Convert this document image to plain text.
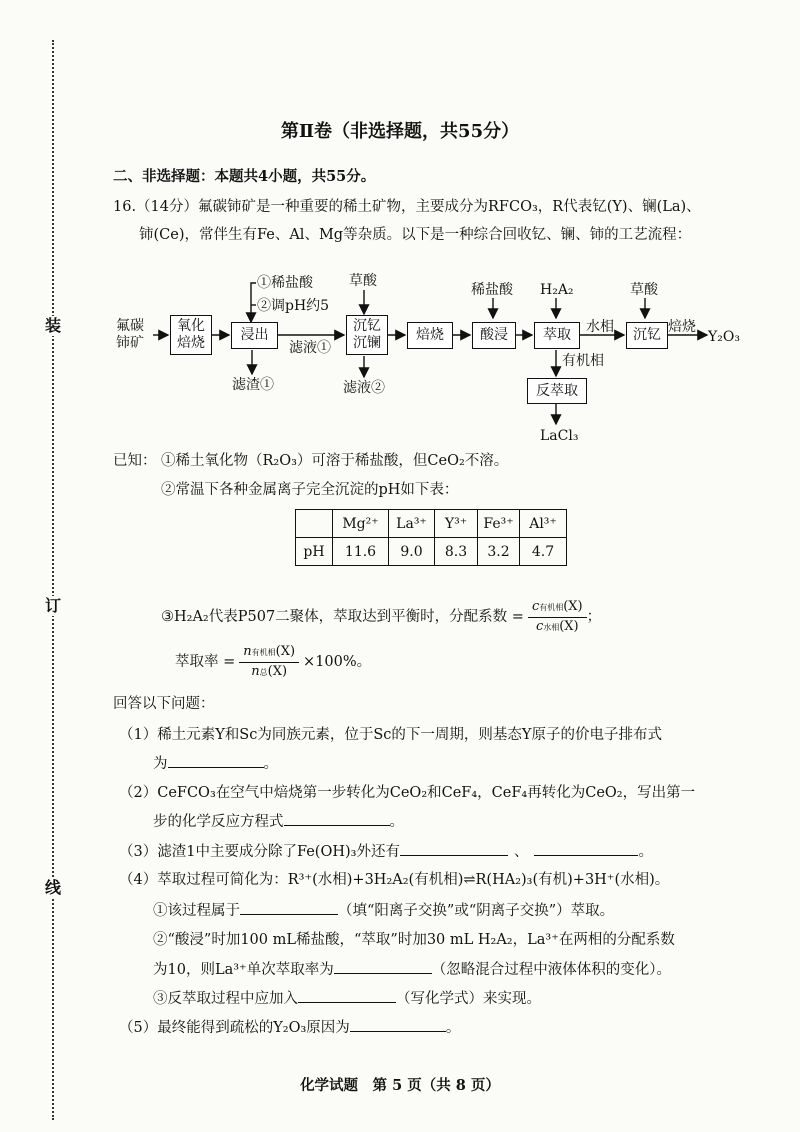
装
订
线
第Ⅱ卷（非选择题，共55分）
二、非选择题：本题共4小题，共55分。
16.（14分）氟碳铈矿是一种重要的稀土矿物，主要成分为RFCO₃，R代表钇(Y)、镧(La)、
铈(Ce)，常伴生有Fe、Al、Mg等杂质。以下是一种综合回收钇、镧、铈的工艺流程：
氟碳
铈矿
氧化
焙烧	浸出
沉钇
沉镧	焙烧	酸浸	萃取	沉钇
反萃取
①稀盐酸
②调pH约5
滤液①
滤渣①
草酸
滤液②
稀盐酸 H₂A₂
水相
有机相
草酸
焙烧
Y₂O₃
LaCl₃
已知： ①稀土氧化物（R₂O₃）可溶于稀盐酸，但CeO₂不溶。
②常温下各种金属离子完全沉淀的pH如下表：
	Mg²⁺	La³⁺	Y³⁺	Fe³⁺	Al³⁺
pH	11.6	9.0	8.3	3.2	4.7
③H₂A₂代表P507二聚体，萃取达到平衡时，分配系数 = $\frac{\text{c有机相(X)}}{\text{c水相(X)}}$ ；
萃取率 = $\frac{\text{n有机相(X)}}{\text{n总(X)}} \times 100\%$。
回答以下问题：
（1）稀土元素Y和Sc为同族元素，位于Sc的下一周期，则基态Y原子的价电子排布式
为	。
（2）CeFCO₃在空气中焙烧第一步转化为CeO₂和CeF₄，CeF₄再转化为CeO₂，写出第一
步的化学反应方程式	。
（3）滤渣1中主要成分除了Fe(OH)₃外还有	、	。
（4）萃取过程可简化为：R³⁺(水相)+3H₂A₂(有机相)⇌R(HA₂)₃(有机)+3H⁺(水相)。
①该过程属于	（填“阳离子交换”或“阴离子交换”）萃取。
②“酸浸”时加100 mL稀盐酸，“萃取”时加30 mL H₂A₂，La³⁺在两相的分配系数
为10，则La³⁺单次萃取率为	（忽略混合过程中液体体积的变化）。
③反萃取过程中应加入	（写化学式）来实现。
（5）最终能得到疏松的Y₂O₃原因为	。
化学试题　第 5 页（共 8 页）
